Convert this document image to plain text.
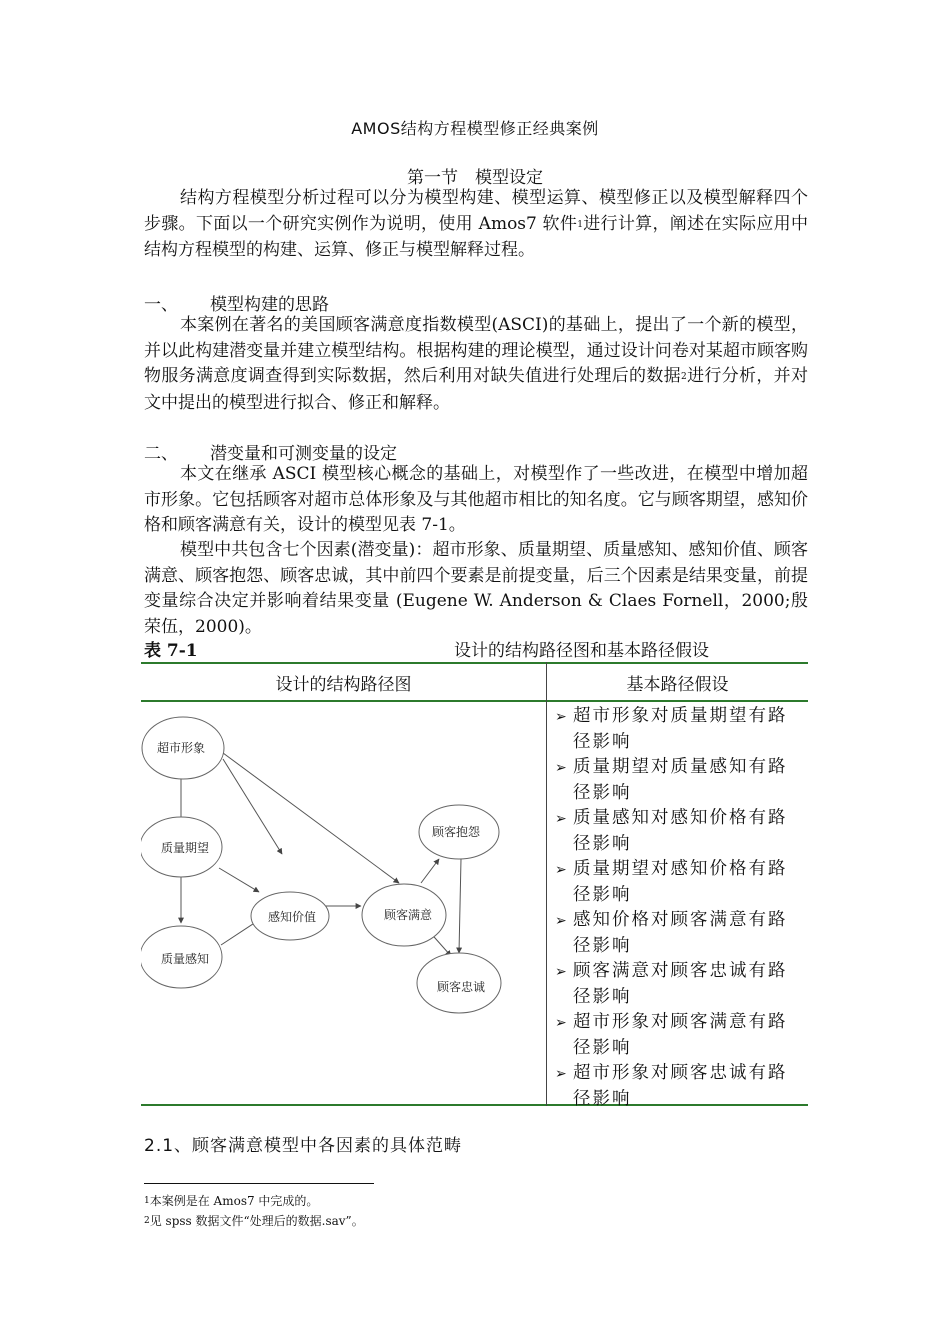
AMOS结构方程模型修正经典案例
第一节　模型设定
结构方程模型分析过程可以分为模型构建、模型运算、模型修正以及模型解释四个步骤。下面以一个研究实例作为说明，使用 Amos7 软件$^1$进行计算，阐述在实际应用中结构方程模型的构建、运算、修正与模型解释过程。
一、 模型构建的思路
本案例在著名的美国顾客满意度指数模型(ASCI)的基础上，提出了一个新的模型，并以此构建潜变量并建立模型结构。根据构建的理论模型，通过设计问卷对某超市顾客购物服务满意度调查得到实际数据，然后利用对缺失值进行处理后的数据$^2$进行分析，并对文中提出的模型进行拟合、修正和解释。
二、 潜变量和可测变量的设定
本文在继承 ASCI 模型核心概念的基础上，对模型作了一些改进，在模型中增加超市形象。它包括顾客对超市总体形象及与其他超市相比的知名度。它与顾客期望，感知价格和顾客满意有关，设计的模型见表 7-1。
模型中共包含七个因素(潜变量)：超市形象、质量期望、质量感知、感知价值、顾客满意、顾客抱怨、顾客忠诚，其中前四个要素是前提变量，后三个因素是结果变量，前提变量综合决定并影响着结果变量 (Eugene W. Anderson & Claes Fornell，2000;殷荣伍，2000)。
表 7-1	设计的结构路径图和基本路径假设
设计的结构路径图	基本路径假设
超市形象
质量期望
质量感知
感知价值	顾客满意
顾客抱怨
顾客忠诚
➢ 超市形象对质量期望有路径影响
➢ 质量期望对质量感知有路径影响
➢ 质量感知对感知价格有路径影响
➢ 质量期望对感知价格有路径影响
➢ 感知价格对顾客满意有路径影响
➢ 顾客满意对顾客忠诚有路径影响
➢ 超市形象对顾客满意有路径影响
➢ 超市形象对顾客忠诚有路径影响
2.1、顾客满意模型中各因素的具体范畴
$^1$本案例是在 Amos7 中完成的。
$^2$见 spss 数据文件“处理后的数据.sav”。
